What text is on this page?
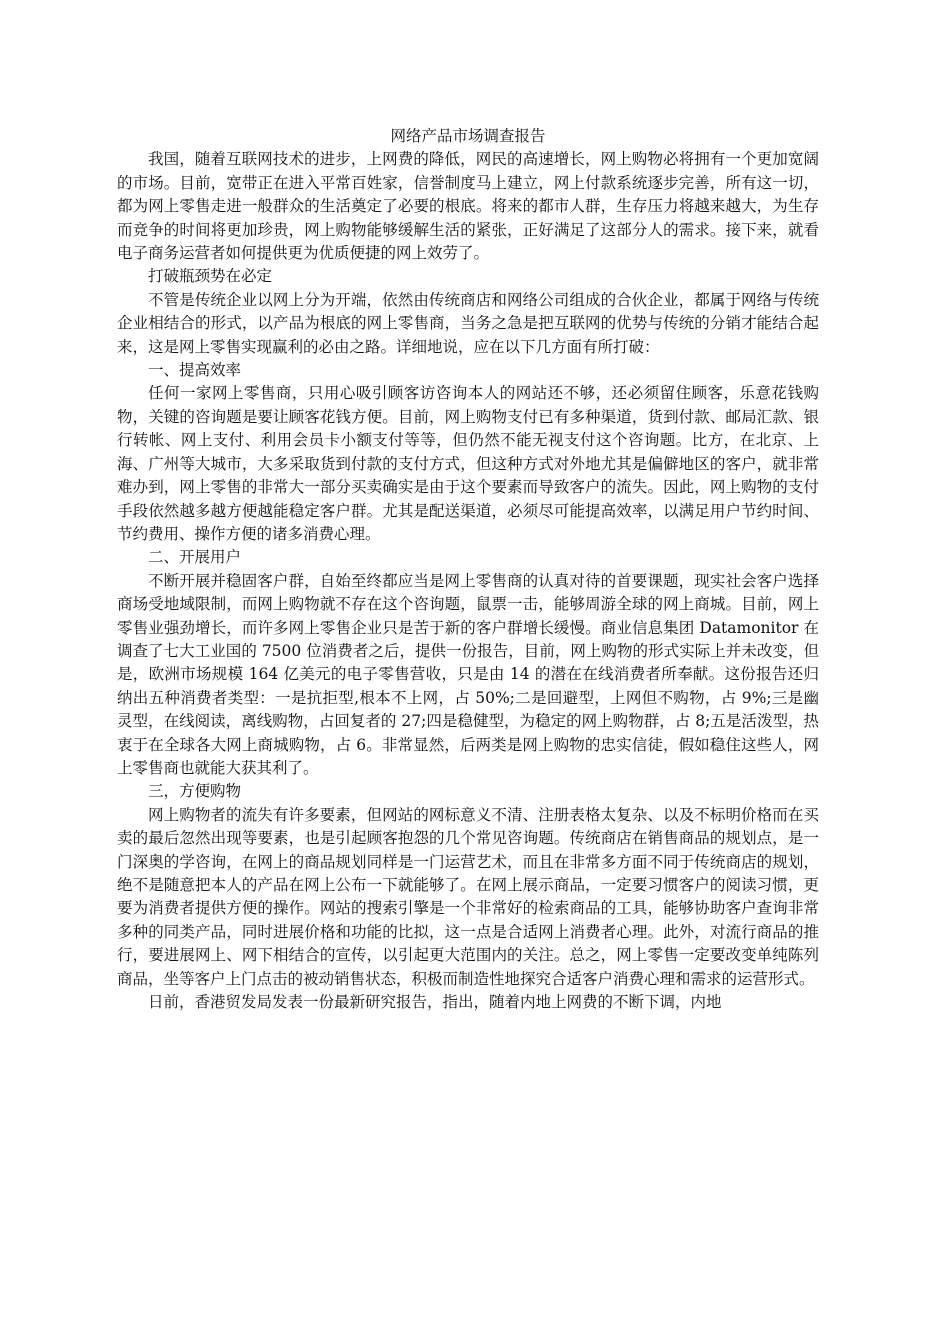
网络产品市场调查报告

我国，随着互联网技术的进步，上网费的降低，网民的高速增长，网上购物必将拥有一个更加宽阔的市场。目前，宽带正在进入平常百姓家，信誉制度马上建立，网上付款系统逐步完善，所有这一切，都为网上零售走进一般群众的生活奠定了必要的根底。将来的都市人群，生存压力将越来越大，为生存而竞争的时间将更加珍贵，网上购物能够缓解生活的紧张，正好满足了这部分人的需求。接下来，就看电子商务运营者如何提供更为优质便捷的网上效劳了。

打破瓶颈势在必定

不管是传统企业以网上分为开端，依然由传统商店和网络公司组成的合伙企业，都属于网络与传统企业相结合的形式，以产品为根底的网上零售商，当务之急是把互联网的优势与传统的分销才能结合起来，这是网上零售实现赢利的必由之路。详细地说，应在以下几方面有所打破：

一、提高效率

任何一家网上零售商，只用心吸引顾客访咨询本人的网站还不够，还必须留住顾客，乐意花钱购物，关键的咨询题是要让顾客花钱方便。目前，网上购物支付已有多种渠道，货到付款、邮局汇款、银行转帐、网上支付、利用会员卡小额支付等等，但仍然不能无视支付这个咨询题。比方，在北京、上海、广州等大城市，大多采取货到付款的支付方式，但这种方式对外地尤其是偏僻地区的客户，就非常难办到，网上零售的非常大一部分买卖确实是由于这个要素而导致客户的流失。因此，网上购物的支付手段依然越多越方便越能稳定客户群。尤其是配送渠道，必须尽可能提高效率，以满足用户节约时间、节约费用、操作方便的诸多消费心理。

二、开展用户

不断开展并稳固客户群，自始至终都应当是网上零售商的认真对待的首要课题，现实社会客户选择商场受地域限制，而网上购物就不存在这个咨询题，鼠票一击，能够周游全球的网上商城。目前，网上零售业强劲增长，而许多网上零售企业只是苦于新的客户群增长缓慢。商业信息集团 Datamonitor 在调查了七大工业国的 7500 位消费者之后，提供一份报告，目前，网上购物的形式实际上并未改变，但是，欧洲市场规模 164 亿美元的电子零售营收，只是由 14 的潜在在线消费者所奉献。这份报告还归纳出五种消费者类型：一是抗拒型,根本不上网，占 50%;二是回避型，上网但不购物，占 9%;三是幽灵型，在线阅读，离线购物，占回复者的 27;四是稳健型，为稳定的网上购物群，占 8;五是活泼型，热衷于在全球各大网上商城购物，占 6。非常显然，后两类是网上购物的忠实信徒，假如稳住这些人，网上零售商也就能大获其利了。

三，方便购物

网上购物者的流失有许多要素，但网站的网标意义不清、注册表格太复杂、以及不标明价格而在买卖的最后忽然出现等要素，也是引起顾客抱怨的几个常见咨询题。传统商店在销售商品的规划点，是一门深奥的学咨询，在网上的商品规划同样是一门运营艺术，而且在非常多方面不同于传统商店的规划，绝不是随意把本人的产品在网上公布一下就能够了。在网上展示商品，一定要习惯客户的阅读习惯，更要为消费者提供方便的操作。网站的搜索引擎是一个非常好的检索商品的工具，能够协助客户查询非常多种的同类产品，同时进展价格和功能的比拟，这一点是合适网上消费者心理。此外，对流行商品的推行，要进展网上、网下相结合的宣传，以引起更大范围内的关注。总之，网上零售一定要改变单纯陈列商品，坐等客户上门点击的被动销售状态，积极而制造性地探究合适客户消费心理和需求的运营形式。

日前，香港贸发局发表一份最新研究报告，指出，随着内地上网费的不断下调，内地
